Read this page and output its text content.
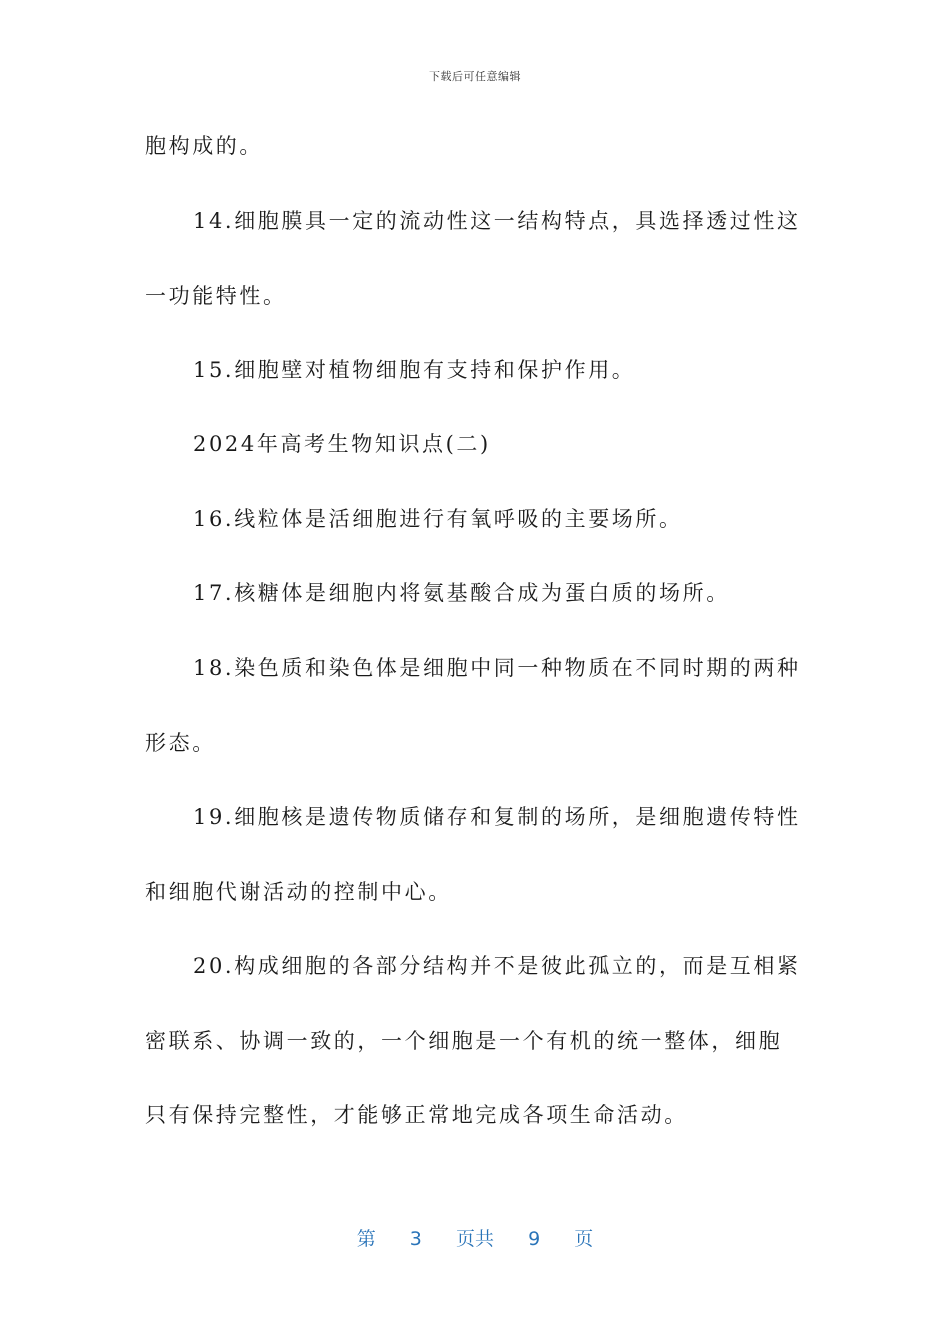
下载后可任意编辑
胞构成的。
14.细胞膜具一定的流动性这一结构特点，具选择透过性这
一功能特性。
15.细胞壁对植物细胞有支持和保护作用。
2024年高考生物知识点(二)
16.线粒体是活细胞进行有氧呼吸的主要场所。
17.核糖体是细胞内将氨基酸合成为蛋白质的场所。
18.染色质和染色体是细胞中同一种物质在不同时期的两种
形态。
19.细胞核是遗传物质储存和复制的场所，是细胞遗传特性
和细胞代谢活动的控制中心。
20.构成细胞的各部分结构并不是彼此孤立的，而是互相紧
密联系、协调一致的，一个细胞是一个有机的统一整体，细胞
只有保持完整性，才能够正常地完成各项生命活动。
第 3 页共 9 页
